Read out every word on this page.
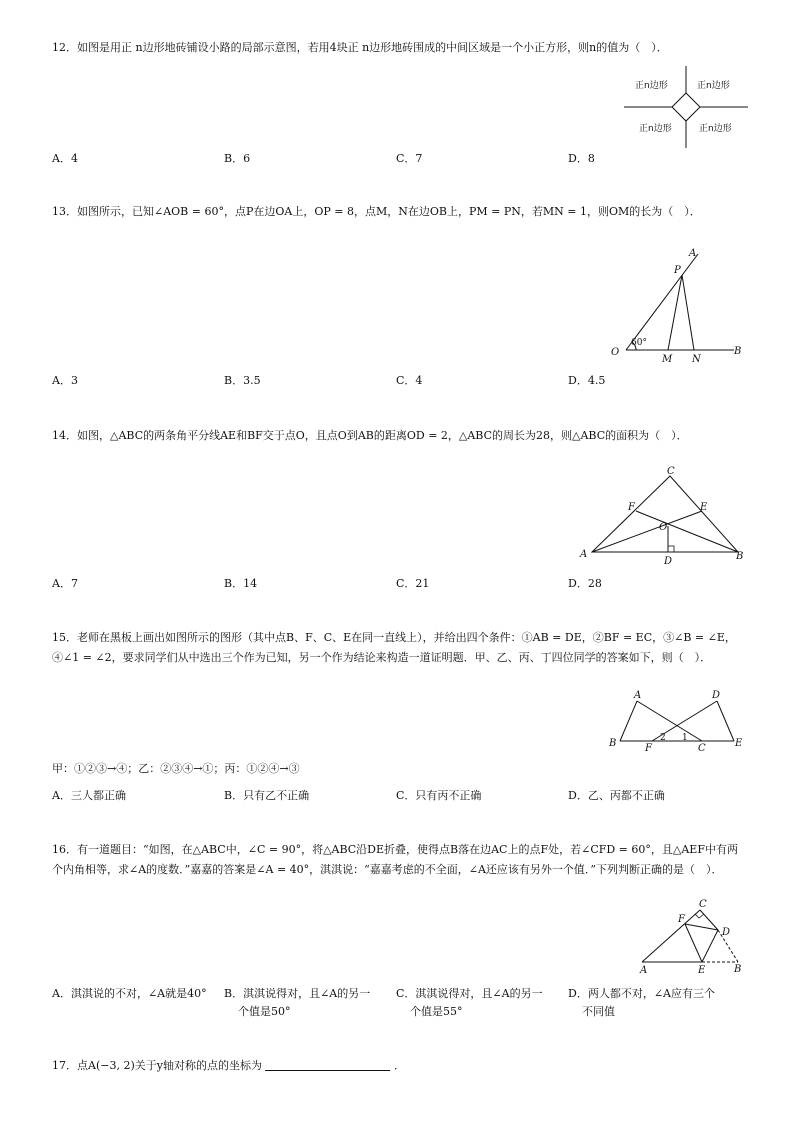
12．如图是用正 n边形地砖铺设小路的局部示意图，若用4块正 n边形地砖围成的中间区域是一个小正方形，则n的值为（　）．
正n边形	正n边形
正n边形	正n边形
A．4	B．6	C．7	D．8
13．如图所示，已知∠AOB = 60°，点P在边OA上，OP = 8，点M，N在边OB上，PM = PN，若MN = 1，则OM的长为（　）．
A
P
O
M N
B
60°
A．3	B．3.5	C．4	D．4.5
14．如图，△ABC的两条角平分线AE和BF交于点O，且点O到AB的距离OD = 2，△ABC的周长为28，则△ABC的面积为（　）．
C
F	E
O
A
D	B
A．7	B．14	C．21	D．28
15．老师在黑板上画出如图所示的图形（其中点B、F、C、E在同一直线上），并给出四个条件：①AB = DE，②BF = EC，③∠B = ∠E，④∠1 = ∠2，要求同学们从中选出三个作为已知，另一个作为结论来构造一道证明题．甲、乙、丙、丁四位同学的答案如下，则（　）．
A	D
B	F	C	E
2 1
甲：①②③→④；乙：②③④→①；丙：①②④→③
A．三人都正确	B．只有乙不正确	C．只有丙不正确	D．乙、丙都不正确
16．有一道题目：“如图，在△ABC中，∠C = 90°，将△ABC沿DE折叠，使得点B落在边AC上的点F处，若∠CFD = 60°，且△AEF中有两个内角相等，求∠A的度数．”嘉嘉的答案是∠A = 40°，淇淇说：“嘉嘉考虑的不全面，∠A还应该有另外一个值．”下列判断正确的是（　）．
C
F
D
A	E	B
A．淇淇说的不对，∠A就是40°	B．淇淇说得对，且∠A的另一
个值是50°
C．淇淇说得对，且∠A的另一
个值是55°
D．两人都不对，∠A应有三个
不同值
17．点A(−3, 2)关于y轴对称的点的坐标为	．
